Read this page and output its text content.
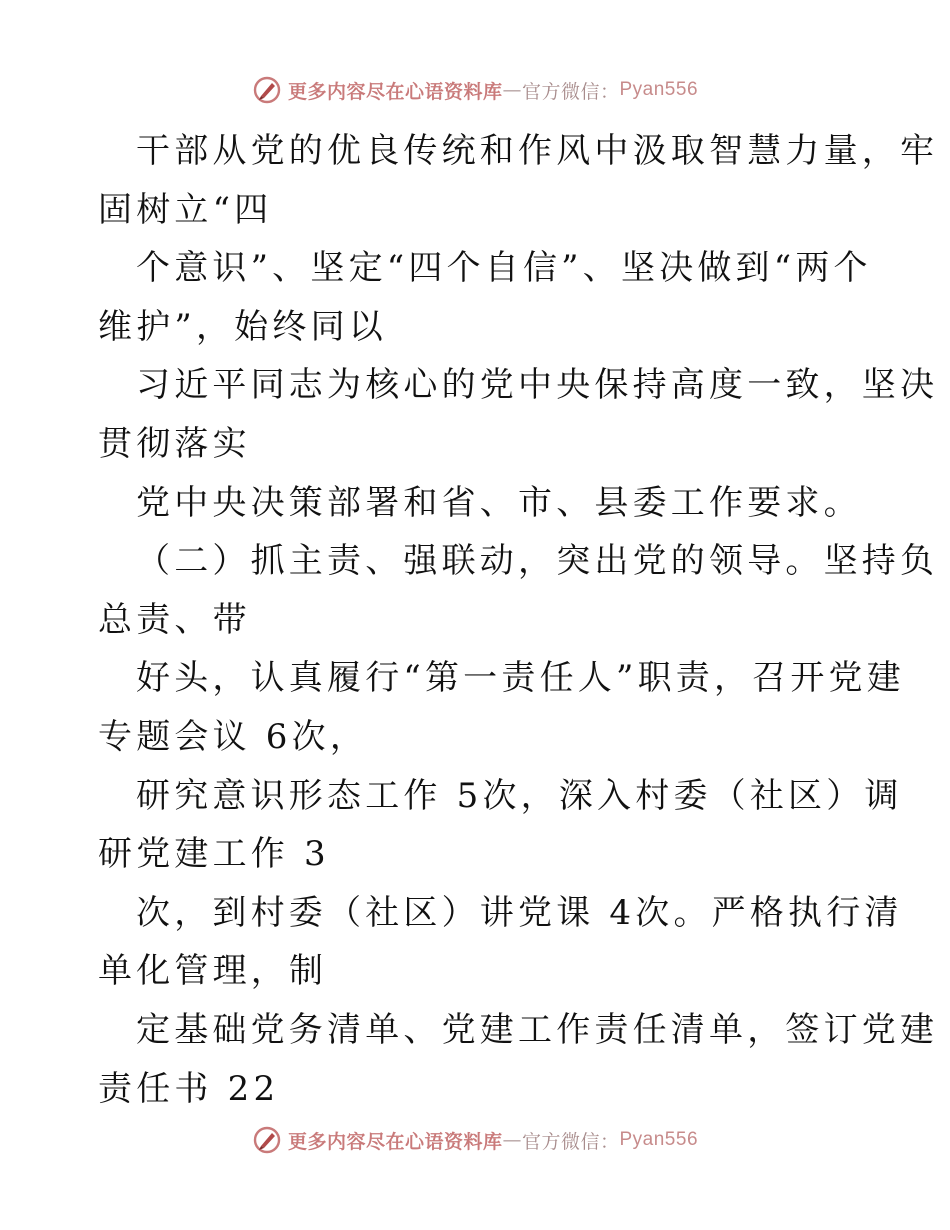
更多内容尽在心语资料库 — 官方微信： Pyan556
干部从党的优良传统和作风中汲取智慧力量，牢
固树立“四
个意识”、坚定“四个自信”、坚决做到“两个
维护”，始终同以
习近平同志为核心的党中央保持高度一致，坚决
贯彻落实
党中央决策部署和省、市、县委工作要求。
（二）抓主责、强联动，突出党的领导。坚持负
总责、带
好头，认真履行“第一责任人”职责，召开党建
专题会议 6次，
研究意识形态工作 5次，深入村委（社区）调
研党建工作 3
次，到村委（社区）讲党课 4次。严格执行清
单化管理，制
定基础党务清单、党建工作责任清单，签订党建
责任书 22
更多内容尽在心语资料库 — 官方微信： Pyan556
